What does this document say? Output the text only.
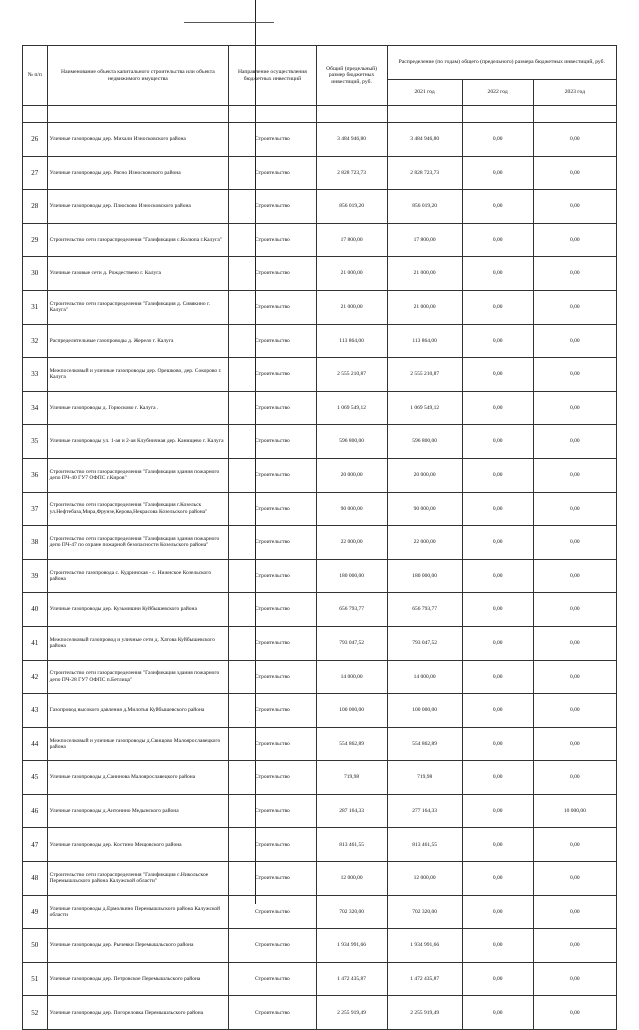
№ п/п	Наименование объекта капитального строительства или объекта недвижимого имущества	Направление осуществления бюджетных инвестиций	Общий (предельный) размер бюджетных инвестиций, руб.	Распределение (по годам) общего (предельного) размера бюджетных инвестиций, руб.		
				2021 год	2022 год	2023 год

26	Уличные газопроводы дер. Михали Износковского района	Строительство	3 484 946,80	3 484 946,80	0,00	0,00
27	Уличные газопроводы дер. Рясно Износковского района	Строительство	2 828 723,73	2 828 723,73	0,00	0,00
28	Уличные газопроводы дер. Плюсково Износковского района	Строительство	856 019,20	856 019,20	0,00	0,00
29	Строительство сети газораспределения "Газификация с.Колюпа г.Калуга"	Строительство	17 800,00	17 800,00	0,00	0,00
30	Уличные газовые сети д. Рождествено г. Калуга	Строительство	21 000,00	21 000,00	0,00	0,00
31	Строительство сети газораспределения "Газификация д. Сивякино г. Калуга"	Строительство	21 000,00	21 000,00	0,00	0,00
32	Распределительные газопроводы д. Жерело г. Калуга	Строительство	113 864,00	113 864,00	0,00	0,00
33	Межпоселковый и уличные газопроводы дер. Орешково, дер. Сокорово г. Калуга	Строительство	2 555 210,87	2 555 210,87	0,00	0,00
34	Уличные газопроводы д. Горюсково г. Калуга .	Строительство	1 069 549,12	1 069 549,12	0,00	0,00
35	Уличные газопроводы ул. 1-ая и 2-ая Клубничная дер. Канищево г. Калуга	Строительство	596 800,00	596 800,00	0,00	0,00
36	Строительство сети газораспределения "Газификация здания пожарного депо ПЧ-40 ГУ7 ОФПС г.Киров"	Строительство	20 000,00	20 000,00	0,00	0,00
37	Строительство сети газораспределения "Газификация г.Козельск ул.Нефтебаза,Мира,Фрунзе,Керова,Некрасова Козельского района"	Строительство	90 000,00	90 000,00	0,00	0,00
38	Строительство сети газораспределения "Газификация здания пожарного депо ПЧ-47 по охране пожарной безопасности Козельского района"	Строительство	22 000,00	22 000,00	0,00	0,00
39	Строительство газопровода с. Кудринская - с. Нижнское Козельского района	Строительство	180 000,00	180 000,00	0,00	0,00
40	Уличные газопроводы дер. Кузьмишни Куйбышевского района	Строительство	656 793,77	656 793,77	0,00	0,00
41	Межпоселковый газопровод и уличные сети д. Хатова Куйбышевского района	Строительство	793 047,52	793 047,52	0,00	0,00
42	Строительство сети газораспределения "Газификация здания пожарного депо ПЧ-28 ГУ7 ОФПС п.Бетлица"	Строительство	14 000,00	14 000,00	0,00	0,00
43	Газопровод высокого давления д.Милотья Куйбышевского района	Строительство	100 000,00	100 000,00	0,00	0,00
44	Межпоселковый и уличные газопроводы д.Свищово Малоярославецкого района	Строительство	554 862,89	554 862,89	0,00	0,00
45	Уличные газопроводы д.Санинова Малоярославецкого района	Строительство	719,98	719,98	0,00	0,00
46	Уличные газопроводы д.Антонино Медынского района	Строительство	287 164,33	277 164,33	0,00	10 000,00
47	Уличные газопроводы дер. Костино Мещовского района	Строительство	813 461,55	813 461,55	0,00	0,00
48	Строительство сети газораспределения "Газификация с.Никольское Перемышльского района Калужской области"	Строительство	12 000,00	12 000,00	0,00	0,00
49	Уличные газопроводы д.Ермолкино Перемышльского района Калужской области	Строительство	702 320,00	702 320,00	0,00	0,00
50	Уличные газопроводы дер. Рычевки Перемышльского района	Строительство	1 934 991,66	1 934 991,66	0,00	0,00
51	Уличные газопроводы дер. Петровское Перемышльского района	Строительство	1 472 435,87	1 472 435,87	0,00	0,00
52	Уличные газопроводы дер. Погореловка Перемышльского района	Строительство	2 255 919,49	2 255 919,49	0,00	0,00
